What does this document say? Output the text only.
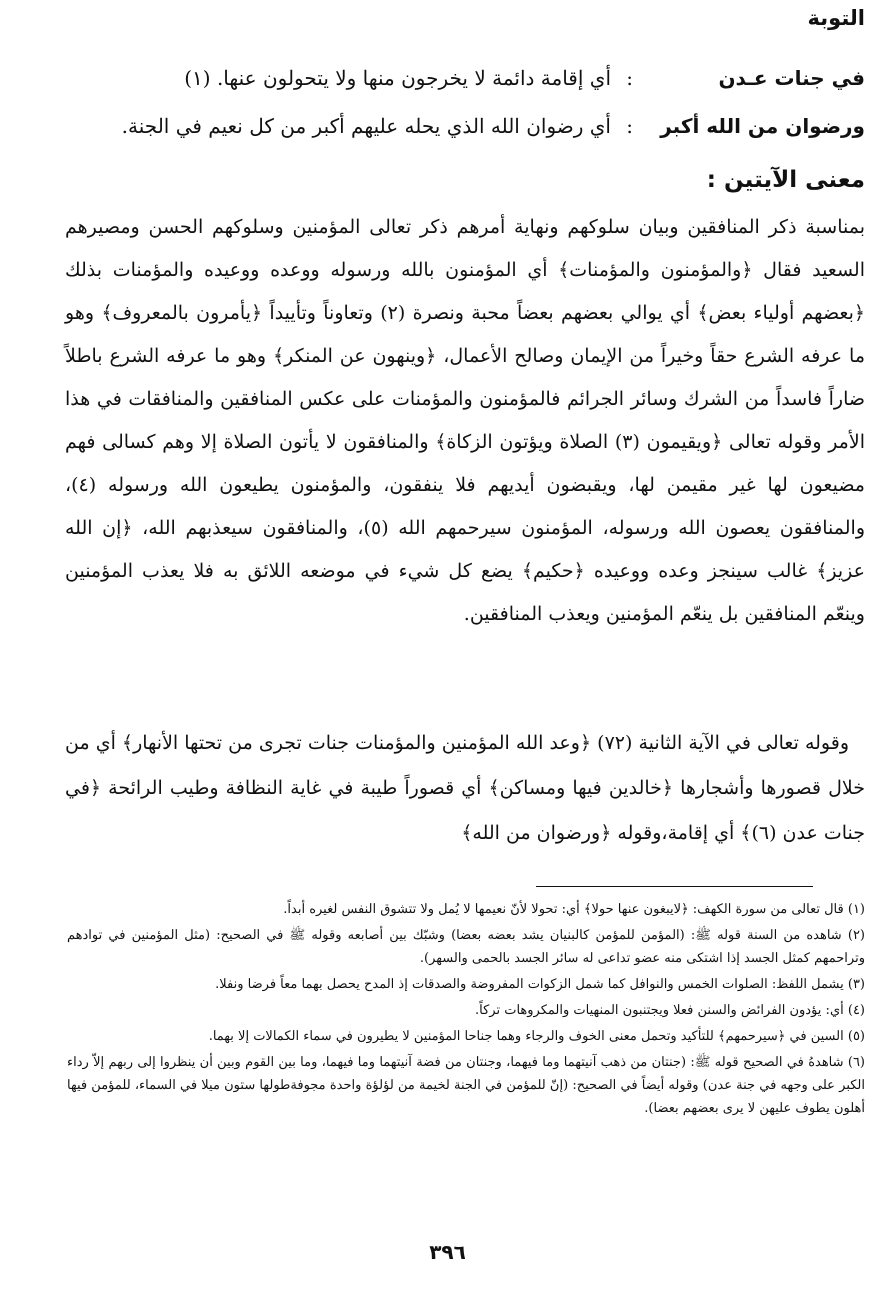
التوبة
في جنات عـدن
:
أي إقامة دائمة لا يخرجون منها ولا يتحولون عنها. (١)
ورضوان من الله أكبر
:
أي رضوان الله الذي يحله عليهم أكبر من كل نعيم في الجنة.
معنى الآيتين :

بمناسبة ذكر المنافقين وبيان سلوكهم ونهاية أمرهم ذكر تعالى المؤمنين وسلوكهم الحسن ومصيرهم السعيد فقال ﴿والمؤمنون والمؤمنات﴾ أي المؤمنون بالله ورسوله ووعده ووعيده والمؤمنات بذلك ﴿بعضهم أولياء بعض﴾ أي يوالي بعضهم بعضاً محبة ونصرة (٢) وتعاوناً وتأييداً ﴿يأمرون بالمعروف﴾ وهو ما عرفه الشرع حقاً وخيراً من الإيمان وصالح الأعمال، ﴿وينهون عن المنكر﴾ وهو ما عرفه الشرع باطلاً ضاراً فاسداً من الشرك وسائر الجرائم فالمؤمنون والمؤمنات على عكس المنافقين والمنافقات في هذا الأمر وقوله تعالى ﴿ويقيمون (٣) الصلاة ويؤتون الزكاة﴾ والمنافقون لا يأتون الصلاة إلا وهم كسالى فهم مضيعون لها غير مقيمن لها، ويقبضون أيديهم فلا ينفقون، والمؤمنون يطيعون الله ورسوله (٤)، والمنافقون يعصون الله ورسوله، المؤمنون سيرحمهم الله (٥)، والمنافقون سيعذبهم الله، ﴿إن الله عزيز﴾ غالب سينجز وعده ووعيده ﴿حكيم﴾ يضع كل شيء في موضعه اللائق به فلا يعذب المؤمنين وينعّم المنافقين بل ينعّم المؤمنين ويعذب المنافقين.

وقوله تعالى في الآية الثانية (٧٢) ﴿وعد الله المؤمنين والمؤمنات جنات تجرى من تحتها الأنهار﴾ أي من خلال قصورها وأشجارها ﴿خالدين فيها ومساكن﴾ أي قصوراً طيبة في غاية النظافة وطيب الرائحة ﴿في جنات عدن (٦)﴾ أي إقامة،وقوله ﴿ورضوان من الله﴾

(١) قال تعالى من سورة الكهف: ﴿لايبغون عنها حولا﴾ أي: تحولا لأنّ نعيمها لا يُمل ولا تتشوق النفس لغيره أبداً.

(٢) شاهده من السنة قوله ﷺ: (المؤمن للمؤمن كالبنيان يشد بعضه بعضا) وشبّك بين أصابعه وقوله ﷺ في الصحيح: (مثل المؤمنين في توادهم وتراحمهم كمثل الجسد إذا اشتكى منه عضو تداعى له سائر الجسد بالحمى والسهر).

(٣) يشمل اللفظ: الصلوات الخمس والنوافل كما شمل الزكوات المفروضة والصدقات إذ المدح يحصل بهما معاً فرضا ونفلا.

(٤) أي: يؤدون الفرائض والسنن فعلا ويجتنبون المنهيات والمكروهات تركاً.

(٥) السين في ﴿سيرحمهم﴾ للتأكيد وتحمل معنى الخوف والرجاء وهما جناحا المؤمنين لا يطيرون في سماء الكمالات إلا بهما.

(٦) شاهدهُ في الصحيح قوله ﷺ: (جنتان من ذهب آنيتهما وما فيهما، وجنتان من فضة آنيتهما وما فيهما، وما بين القوم وبين أن ينظروا إلى ربهم إلاّ رداء الكبر على وجهه في جنة عدن) وقوله أيضاً في الصحيح: (إنّ للمؤمن في الجنة لخيمة من لؤلؤة واحدة مجوفةطولها ستون ميلا في السماء، للمؤمن فيها أهلون يطوف عليهن لا يرى بعضهم بعضا).

٣٩٦
